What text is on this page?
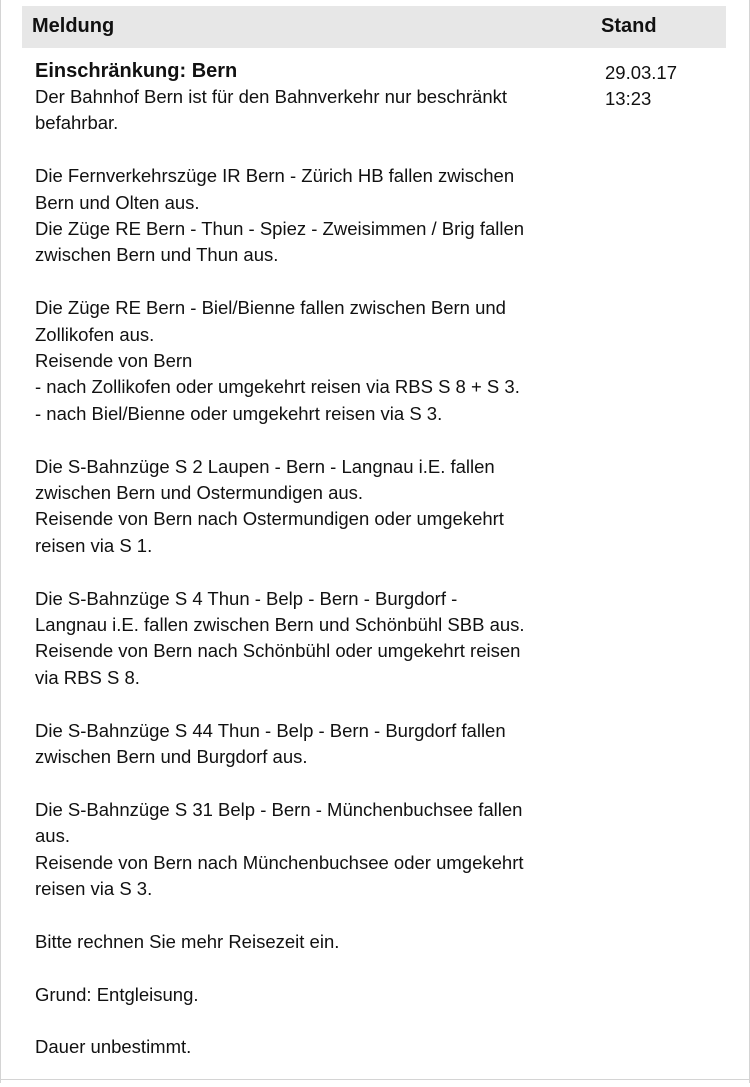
Meldung	Stand
Einschränkung: Bern
Der Bahnhof Bern ist für den Bahnverkehr nur beschränkt
befahrbar.
Die Fernverkehrszüge IR Bern - Zürich HB fallen zwischen
Bern und Olten aus.
Die Züge RE Bern - Thun - Spiez - Zweisimmen / Brig fallen
zwischen Bern und Thun aus.
Die Züge RE Bern - Biel/Bienne fallen zwischen Bern und
Zollikofen aus.
Reisende von Bern
- nach Zollikofen oder umgekehrt reisen via RBS S 8 + S 3.
- nach Biel/Bienne oder umgekehrt reisen via S 3.
Die S-Bahnzüge S 2 Laupen - Bern - Langnau i.E. fallen
zwischen Bern und Ostermundigen aus.
Reisende von Bern nach Ostermundigen oder umgekehrt
reisen via S 1.
Die S-Bahnzüge S 4 Thun - Belp - Bern - Burgdorf -
Langnau i.E. fallen zwischen Bern und Schönbühl SBB aus.
Reisende von Bern nach Schönbühl oder umgekehrt reisen
via RBS S 8.
Die S-Bahnzüge S 44 Thun - Belp - Bern - Burgdorf fallen
zwischen Bern und Burgdorf aus.
Die S-Bahnzüge S 31 Belp - Bern - Münchenbuchsee fallen
aus.
Reisende von Bern nach Münchenbuchsee oder umgekehrt
reisen via S 3.
Bitte rechnen Sie mehr Reisezeit ein.
Grund: Entgleisung.
Dauer unbestimmt.
29.03.17
13:23
